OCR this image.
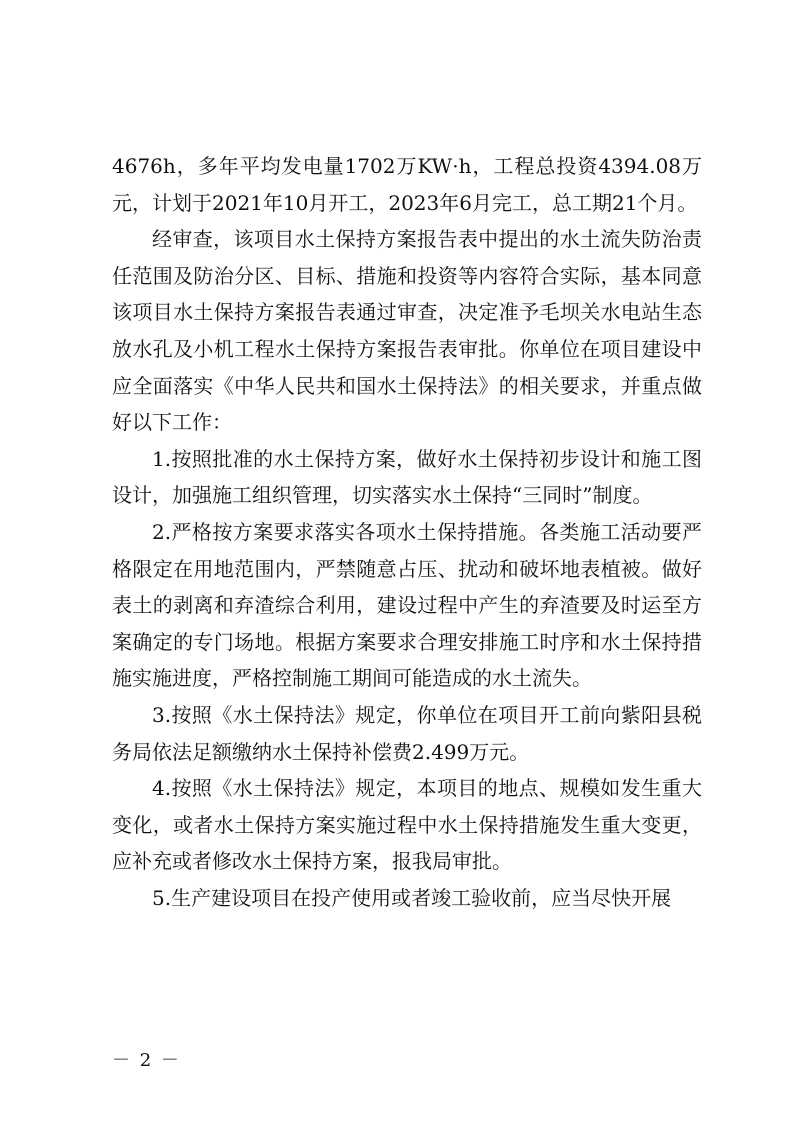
4676h，多年平均发电量1702万KW·h，工程总投资4394.08万元，计划于2021年10月开工，2023年6月完工，总工期21个月。

经审查，该项目水土保持方案报告表中提出的水土流失防治责任范围及防治分区、目标、措施和投资等内容符合实际，基本同意该项目水土保持方案报告表通过审查，决定准予毛坝关水电站生态放水孔及小机工程水土保持方案报告表审批。你单位在项目建设中应全面落实《中华人民共和国水土保持法》的相关要求，并重点做好以下工作：

1.按照批准的水土保持方案，做好水土保持初步设计和施工图设计，加强施工组织管理，切实落实水土保持“三同时”制度。

2.严格按方案要求落实各项水土保持措施。各类施工活动要严格限定在用地范围内，严禁随意占压、扰动和破坏地表植被。做好表土的剥离和弃渣综合利用，建设过程中产生的弃渣要及时运至方案确定的专门场地。根据方案要求合理安排施工时序和水土保持措施实施进度，严格控制施工期间可能造成的水土流失。

3.按照《水土保持法》规定，你单位在项目开工前向紫阳县税务局依法足额缴纳水土保持补偿费2.499万元。

4.按照《水土保持法》规定，本项目的地点、规模如发生重大变化，或者水土保持方案实施过程中水土保持措施发生重大变更，应补充或者修改水土保持方案，报我局审批。

5.生产建设项目在投产使用或者竣工验收前，应当尽快开展

－ 2 －
